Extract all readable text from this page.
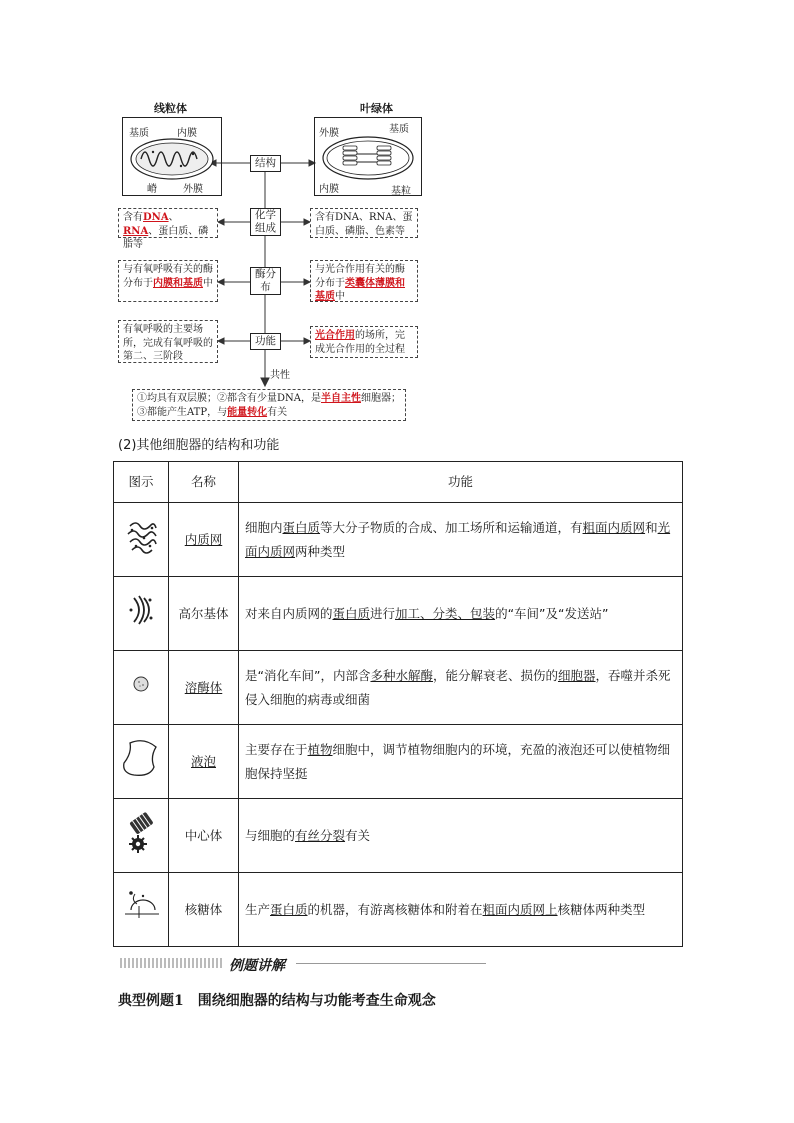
线粒体	叶绿体
基质	内膜
嵴	外膜
外膜	基质
内膜	基粒
结构
化学组成
酶分布
功能
共性
含有DNA、RNA、蛋白质、磷脂等
与有氧呼吸有关的酶分布于内膜和基质中
有氧呼吸的主要场所，完成有氧呼吸的第二、三阶段
含有DNA、RNA、蛋白质、磷脂、色素等
与光合作用有关的酶分布于类囊体薄膜和基质中
光合作用的场所，完成光合作用的全过程
①均具有双层膜；②都含有少量DNA，是半自主性细胞器；③都能产生ATP，与能量转化有关
(2)其他细胞器的结构和功能
图示	名称	功能
	内质网	细胞内蛋白质等大分子物质的合成、加工场所和运输通道，有粗面内质网和光面内质网两种类型
	高尔基体	对来自内质网的蛋白质进行加工、分类、包装的“车间”及“发送站”
	溶酶体	是“消化车间”，内部含多种水解酶，能分解衰老、损伤的细胞器，吞噬并杀死侵入细胞的病毒或细菌
	液泡	主要存在于植物细胞中，调节植物细胞内的环境，充盈的液泡还可以使植物细胞保持坚挺
	中心体	与细胞的有丝分裂有关
	核糖体	生产蛋白质的机器，有游离核糖体和附着在粗面内质网上核糖体两种类型
例题讲解
典型例题1　围绕细胞器的结构与功能考查生命观念
